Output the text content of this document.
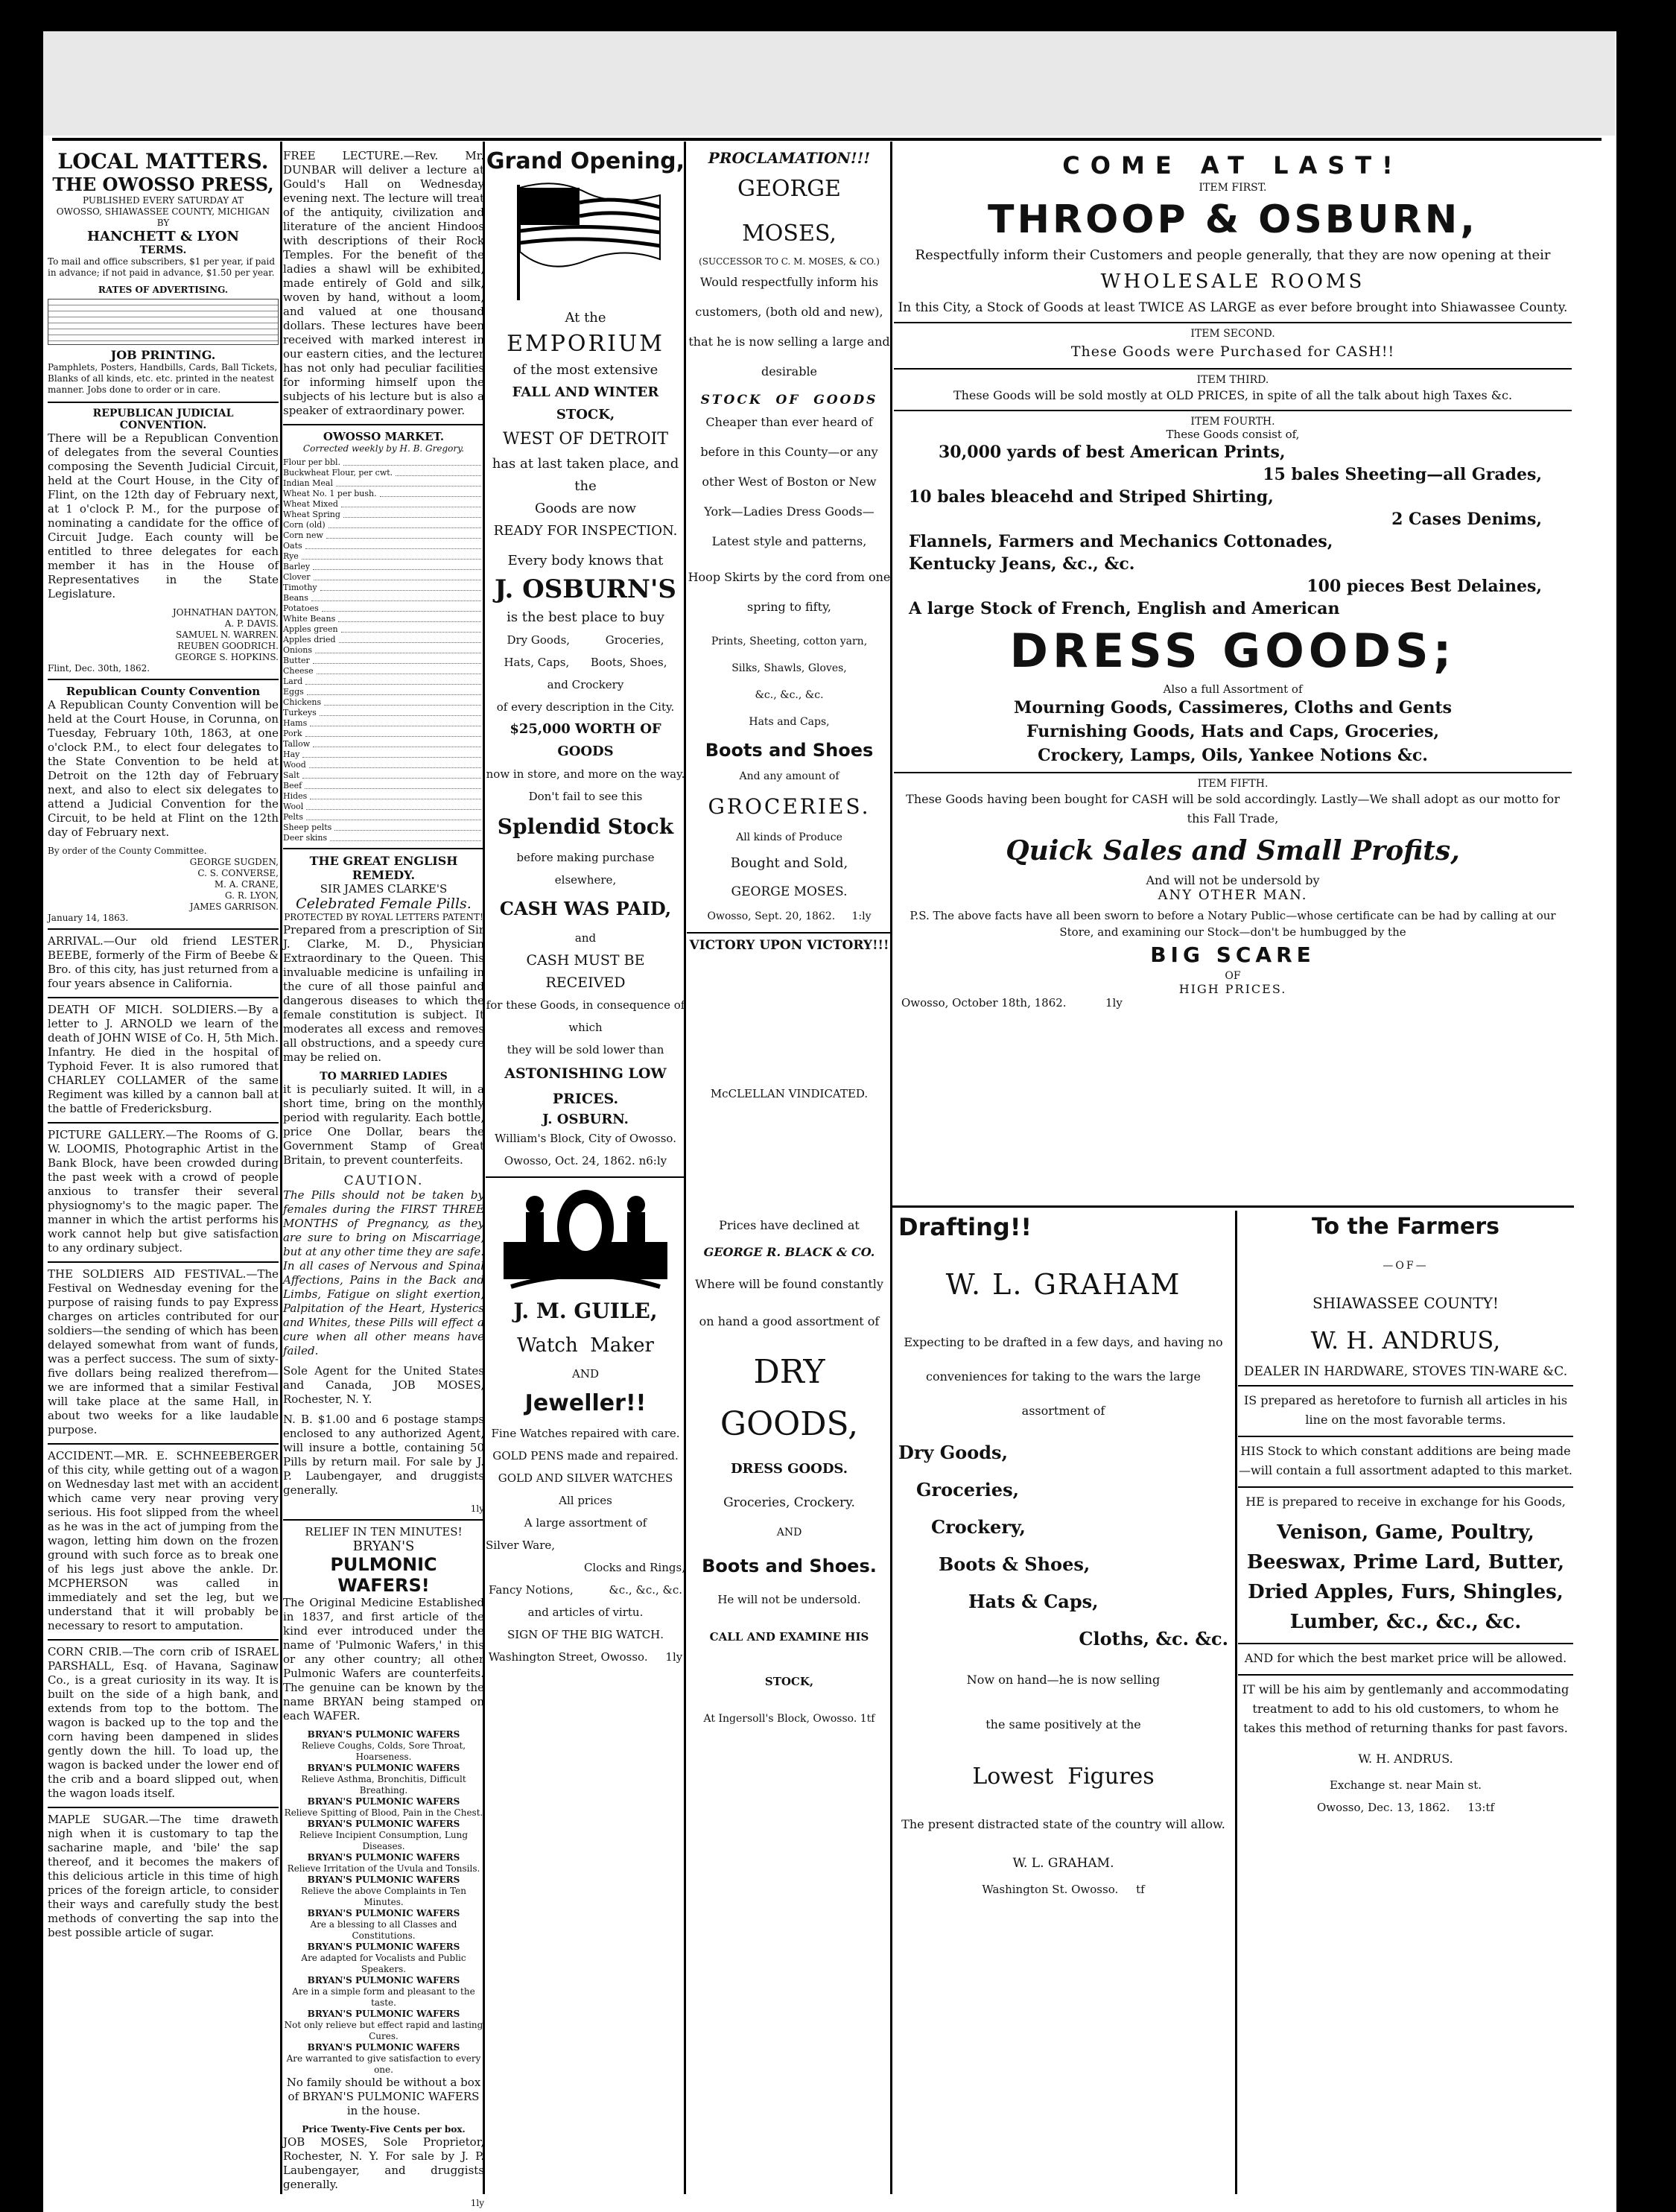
LOCAL MATTERS.
THE OWOSSO PRESS,
PUBLISHED EVERY SATURDAY AT
OWOSSO, SHIAWASSEE COUNTY, MICHIGAN
BY
HANCHETT & LYON
TERMS.

To mail and office subscribers, $1 per year, if paid in advance; if not paid in advance, $1.50 per year.

RATES OF ADVERTISING.
JOB PRINTING.

Pamphlets, Posters, Handbills, Cards, Ball Tickets, Blanks of all kinds, etc. etc. printed in the neatest manner. Jobs done to order or in care.

REPUBLICAN JUDICIAL CONVENTION.

There will be a Republican Convention of delegates from the several Counties composing the Seventh Judicial Circuit, held at the Court House, in the City of Flint, on the 12th day of February next, at 1 o'clock P. M., for the purpose of nominating a candidate for the office of Circuit Judge. Each county will be entitled to three delegates for each member it has in the House of Representatives in the State Legislature.

JOHNATHAN DAYTON,
A. P. DAVIS.
SAMUEL N. WARREN.
REUBEN GOODRICH.
GEORGE S. HOPKINS.
Flint, Dec. 30th, 1862.
Republican County Convention

A Republican County Convention will be held at the Court House, in Corunna, on Tuesday, February 10th, 1863, at one o'clock P.M., to elect four delegates to the State Convention to be held at Detroit on the 12th day of February next, and also to elect six delegates to attend a Judicial Convention for the Circuit, to be held at Flint on the 12th day of February next.

By order of the County Committee.
GEORGE SUGDEN,
C. S. CONVERSE,
M. A. CRANE,
G. R. LYON,
JAMES GARRISON.
January 14, 1863.

ARRIVAL.—Our old friend LESTER BEEBE, formerly of the Firm of Beebe & Bro. of this city, has just returned from a four years absence in California.

DEATH OF MICH. SOLDIERS.—By a letter to J. ARNOLD we learn of the death of JOHN WISE of Co. H, 5th Mich. Infantry. He died in the hospital of Typhoid Fever. It is also rumored that CHARLEY COLLAMER of the same Regiment was killed by a cannon ball at the battle of Fredericksburg.

PICTURE GALLERY.—The Rooms of G. W. LOOMIS, Photographic Artist in the Bank Block, have been crowded during the past week with a crowd of people anxious to transfer their several physiognomy's to the magic paper. The manner in which the artist performs his work cannot help but give satisfaction to any ordinary subject.

THE SOLDIERS AID FESTIVAL.—The Festival on Wednesday evening for the purpose of raising funds to pay Express charges on articles contributed for our soldiers—the sending of which has been delayed somewhat from want of funds, was a perfect success. The sum of sixty-five dollars being realized therefrom—we are informed that a similar Festival will take place at the same Hall, in about two weeks for a like laudable purpose.

ACCIDENT.—MR. E. SCHNEEBERGER of this city, while getting out of a wagon on Wednesday last met with an accident which came very near proving very serious. His foot slipped from the wheel as he was in the act of jumping from the wagon, letting him down on the frozen ground with such force as to break one of his legs just above the ankle. Dr. MCPHERSON was called in immediately and set the leg, but we understand that it will probably be necessary to resort to amputation.

CORN CRIB.—The corn crib of ISRAEL PARSHALL, Esq. of Havana, Saginaw Co., is a great curiosity in its way. It is built on the side of a high bank, and extends from top to the bottom. The wagon is backed up to the top and the corn having been dampened in slides gently down the hill. To load up, the wagon is backed under the lower end of the crib and a board slipped out, when the wagon loads itself.

MAPLE SUGAR.—The time draweth nigh when it is customary to tap the sacharine maple, and 'bile' the sap thereof, and it becomes the makers of this delicious article in this time of high prices of the foreign article, to consider their ways and carefully study the best methods of converting the sap into the best possible article of sugar.

FREE LECTURE.—Rev. Mr. DUNBAR will deliver a lecture at Gould's Hall on Wednesday evening next. The lecture will treat of the antiquity, civilization and literature of the ancient Hindoos with descriptions of their Rock Temples. For the benefit of the ladies a shawl will be exhibited, made entirely of Gold and silk, woven by hand, without a loom, and valued at one thousand dollars. These lectures have been received with marked interest in our eastern cities, and the lecturer has not only had peculiar facilities for informing himself upon the subjects of his lecture but is also a speaker of extraordinary power.

OWOSSO MARKET.
Corrected weekly by H. B. Gregory.
Flour per bbl.
Buckwheat Flour, per cwt.
Indian Meal
Wheat No. 1 per bush.
Wheat Mixed
Wheat Spring
Corn (old)
Corn new
Oats
Rye
Barley
Clover
Timothy
Beans
Potatoes
White Beans
Apples green
Apples dried
Onions
Butter
Cheese
Lard
Eggs
Chickens
Turkeys
Hams
Pork
Tallow
Hay
Wood
Salt
Beef
Hides
Wool
Pelts
Sheep pelts
Deer skins
THE GREAT ENGLISH REMEDY.
SIR JAMES CLARKE'S
Celebrated Female Pills.
PROTECTED BY ROYAL LETTERS PATENT!

Prepared from a prescription of Sir J. Clarke, M. D., Physician Extraordinary to the Queen. This invaluable medicine is unfailing in the cure of all those painful and dangerous diseases to which the female constitution is subject. It moderates all excess and removes all obstructions, and a speedy cure may be relied on.

TO MARRIED LADIES

it is peculiarly suited. It will, in a short time, bring on the monthly period with regularity. Each bottle, price One Dollar, bears the Government Stamp of Great Britain, to prevent counterfeits.

CAUTION.

The Pills should not be taken by females during the FIRST THREE MONTHS of Pregnancy, as they are sure to bring on Miscarriage, but at any other time they are safe. In all cases of Nervous and Spinal Affections, Pains in the Back and Limbs, Fatigue on slight exertion, Palpitation of the Heart, Hysterics and Whites, these Pills will effect a cure when all other means have failed.

Sole Agent for the United States and Canada, JOB MOSES, Rochester, N. Y.

N. B. $1.00 and 6 postage stamps enclosed to any authorized Agent, will insure a bottle, containing 50 Pills by return mail. For sale by J. P. Laubengayer, and druggists generally.

1ly
RELIEF IN TEN MINUTES!
BRYAN'S
PULMONIC WAFERS!

The Original Medicine Established in 1837, and first article of the kind ever introduced under the name of 'Pulmonic Wafers,' in this or any other country; all other Pulmonic Wafers are counterfeits. The genuine can be known by the name BRYAN being stamped on each WAFER.

BRYAN'S PULMONIC WAFERS
Relieve Coughs, Colds, Sore Throat, Hoarseness.
BRYAN'S PULMONIC WAFERS
Relieve Asthma, Bronchitis, Difficult Breathing.
BRYAN'S PULMONIC WAFERS
Relieve Spitting of Blood, Pain in the Chest.
BRYAN'S PULMONIC WAFERS
Relieve Incipient Consumption, Lung Diseases.
BRYAN'S PULMONIC WAFERS
Relieve Irritation of the Uvula and Tonsils.
BRYAN'S PULMONIC WAFERS
Relieve the above Complaints in Ten Minutes.
BRYAN'S PULMONIC WAFERS
Are a blessing to all Classes and Constitutions.
BRYAN'S PULMONIC WAFERS
Are adapted for Vocalists and Public Speakers.
BRYAN'S PULMONIC WAFERS
Are in a simple form and pleasant to the taste.
BRYAN'S PULMONIC WAFERS
Not only relieve but effect rapid and lasting Cures.
BRYAN'S PULMONIC WAFERS
Are warranted to give satisfaction to every one.

No family should be without a box of BRYAN'S PULMONIC WAFERS in the house.

Price Twenty-Five Cents per box.

JOB MOSES, Sole Proprietor, Rochester, N. Y. For sale by J. P. Laubengayer, and druggists generally.

1ly
Grand Opening,
At the
EMPORIUM
of the most extensive
FALL AND WINTER STOCK,
WEST OF DETROIT
has at last taken place, and the
Goods are now
READY FOR INSPECTION.
Every body knows that
J. OSBURN'S
is the best place to buy
Dry Goods,          Groceries,
Hats, Caps,      Boots, Shoes,
and Crockery
of every description in the City.
$25,000 WORTH OF GOODS
now in store, and more on the way.
Don't fail to see this
Splendid Stock
before making purchase elsewhere,
CASH WAS PAID,
and
CASH MUST BE RECEIVED
for these Goods, in consequence of which
they will be sold lower than
ASTONISHING LOW PRICES.
J. OSBURN.
William's Block, City of Owosso.
Owosso, Oct. 24, 1862. n6:ly
J. M. GUILE,
Watch  Maker
AND
Jeweller!!
Fine Watches repaired with care.
GOLD PENS made and repaired.
GOLD AND SILVER WATCHES
All prices
A large assortment of
Silver Ware,
Clocks and Rings,
Fancy Notions,          &c., &c., &c.
and articles of virtu.
SIGN OF THE BIG WATCH.
Washington Street, Owosso.     1ly
PROCLAMATION!!!
GEORGE MOSES,
(SUCCESSOR TO C. M. MOSES, & CO.)

Would respectfully inform his customers, (both old and new), that he is now selling a large and desirable

STOCK  OF  GOODS

Cheaper than ever heard of before in this County—or any other West of Boston or New York—Ladies Dress Goods—Latest style and patterns,

Hoop Skirts by the cord from one spring to fifty,

Prints, Sheeting, cotton yarn,
Silks, Shawls, Gloves,
&c., &c., &c.
Hats and Caps,
Boots and Shoes
And any amount of
GROCERIES.
All kinds of Produce
Bought and Sold,
GEORGE MOSES.
Owosso, Sept. 20, 1862.     1:ly
VICTORY UPON VICTORY!!!
McCLELLAN VINDICATED.
Prices have declined at
GEORGE R. BLACK & CO.

Where will be found constantly on hand a good assortment of

DRY GOODS,
DRESS GOODS.
Groceries, Crockery.
AND
Boots and Shoes.
He will not be undersold.
CALL AND EXAMINE HIS STOCK,
At Ingersoll's Block, Owosso. 1tf
COME AT LAST!
ITEM FIRST.
THROOP & OSBURN,
Respectfully inform their Customers and people generally, that they are now opening at their
WHOLESALE ROOMS
In this City, a Stock of Goods at least TWICE AS LARGE as ever before brought into Shiawassee County.
ITEM SECOND.
These Goods were Purchased for CASH!!
ITEM THIRD.
These Goods will be sold mostly at OLD PRICES, in spite of all the talk about high Taxes &c.
ITEM FOURTH.
These Goods consist of,
30,000 yards of best American Prints,
15 bales Sheeting—all Grades,
10 bales bleacehd and Striped Shirting,
2 Cases Denims,
Flannels, Farmers and Mechanics Cottonades,
Kentucky Jeans, &c., &c.
100 pieces Best Delaines,
A large Stock of French, English and American
DRESS GOODS;
Also a full Assortment of
Mourning Goods, Cassimeres, Cloths and Gents
Furnishing Goods, Hats and Caps, Groceries,
Crockery, Lamps, Oils, Yankee Notions &c.
ITEM FIFTH.
These Goods having been bought for CASH will be sold accordingly. Lastly—We shall adopt as our motto for this Fall Trade,
Quick Sales and Small Profits,
And will not be undersold by
ANY OTHER MAN.
P.S. The above facts have all been sworn to before a Notary Public—whose certificate can be had by calling at our Store, and examining our Stock—don't be humbugged by the
BIG SCARE
OF
HIGH PRICES.
Owosso, October 18th, 1862.           1ly
Drafting!!
W. L. GRAHAM

Expecting to be drafted in a few days, and having no conveniences for taking to the wars the large assortment of

Dry Goods,
Groceries,
Crockery,
Boots & Shoes,
Hats & Caps,
Cloths, &c. &c.
Now on hand—he is now selling
the same positively at the
Lowest  Figures

The present distracted state of the country will allow.

W. L. GRAHAM.
Washington St. Owosso.     tf
To the Farmers
—OF—
SHIAWASSEE COUNTY!
W. H. ANDRUS,
DEALER IN HARDWARE, STOVES TIN-WARE &C.

IS prepared as heretofore to furnish all articles in his line on the most favorable terms.

HIS Stock to which constant additions are being made—will contain a full assortment adapted to this market.

HE is prepared to receive in exchange for his Goods,

Venison, Game, Poultry, Beeswax, Prime Lard, Butter, Dried Apples, Furs, Shingles, Lumber, &c., &c., &c.

AND for which the best market price will be allowed.

IT will be his aim by gentlemanly and accommodating treatment to add to his old customers, to whom he takes this method of returning thanks for past favors.

W. H. ANDRUS.
Exchange st. near Main st.
Owosso, Dec. 13, 1862.     13:tf
